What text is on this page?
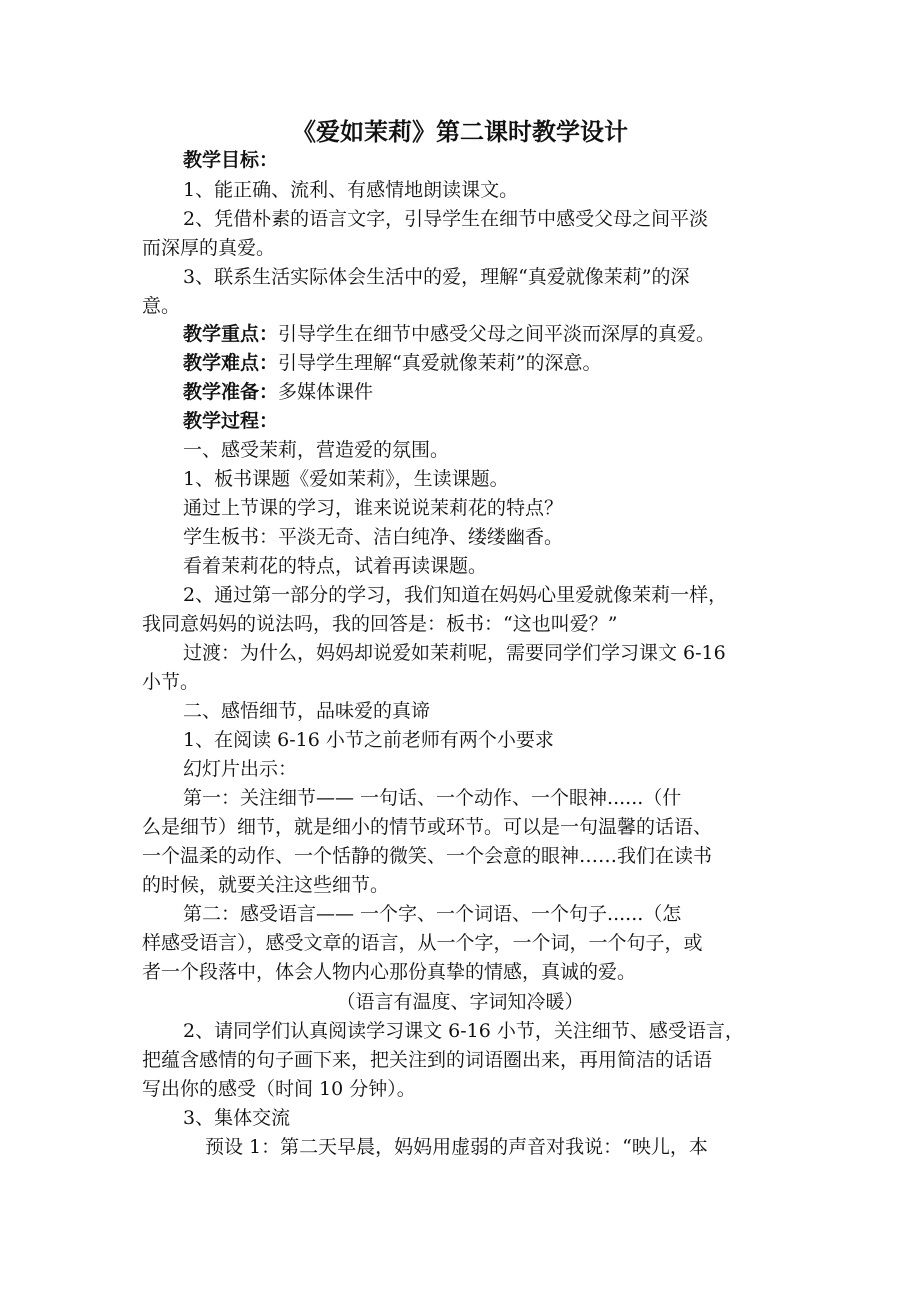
《爱如茉莉》第二课时教学设计
教学目标：
1、能正确、流利、有感情地朗读课文。
2、凭借朴素的语言文字，引导学生在细节中感受父母之间平淡
而深厚的真爱。
3、联系生活实际体会生活中的爱，理解“真爱就像茉莉”的深
意。
教学重点：引导学生在细节中感受父母之间平淡而深厚的真爱。
教学难点：引导学生理解“真爱就像茉莉”的深意。
教学准备：多媒体课件
教学过程：
一、感受茉莉，营造爱的氛围。
1、板书课题《爱如茉莉》，生读课题。
通过上节课的学习，谁来说说茉莉花的特点？
学生板书：平淡无奇、洁白纯净、缕缕幽香。
看着茉莉花的特点，试着再读课题。
2、通过第一部分的学习，我们知道在妈妈心里爱就像茉莉一样，
我同意妈妈的说法吗，我的回答是：板书：“这也叫爱？”
过渡：为什么，妈妈却说爱如茉莉呢，需要同学们学习课文 6-16
小节。
二、感悟细节，品味爱的真谛
1、在阅读 6-16 小节之前老师有两个小要求
幻灯片出示：
第一：关注细节—— 一句话、一个动作、一个眼神......（什
么是细节）细节，就是细小的情节或环节。可以是一句温馨的话语、
一个温柔的动作、一个恬静的微笑、一个会意的眼神……我们在读书
的时候，就要关注这些细节。
第二：感受语言—— 一个字、一个词语、一个句子......（怎
样感受语言），感受文章的语言，从一个字，一个词，一个句子，或
者一个段落中，体会人物内心那份真挚的情感，真诚的爱。
（语言有温度、字词知冷暖）
2、请同学们认真阅读学习课文 6-16 小节，关注细节、感受语言，
把蕴含感情的句子画下来，把关注到的词语圈出来，再用简洁的话语
写出你的感受（时间 10 分钟）。
3、集体交流
预设 1：第二天早晨，妈妈用虚弱的声音对我说：“映儿，本
